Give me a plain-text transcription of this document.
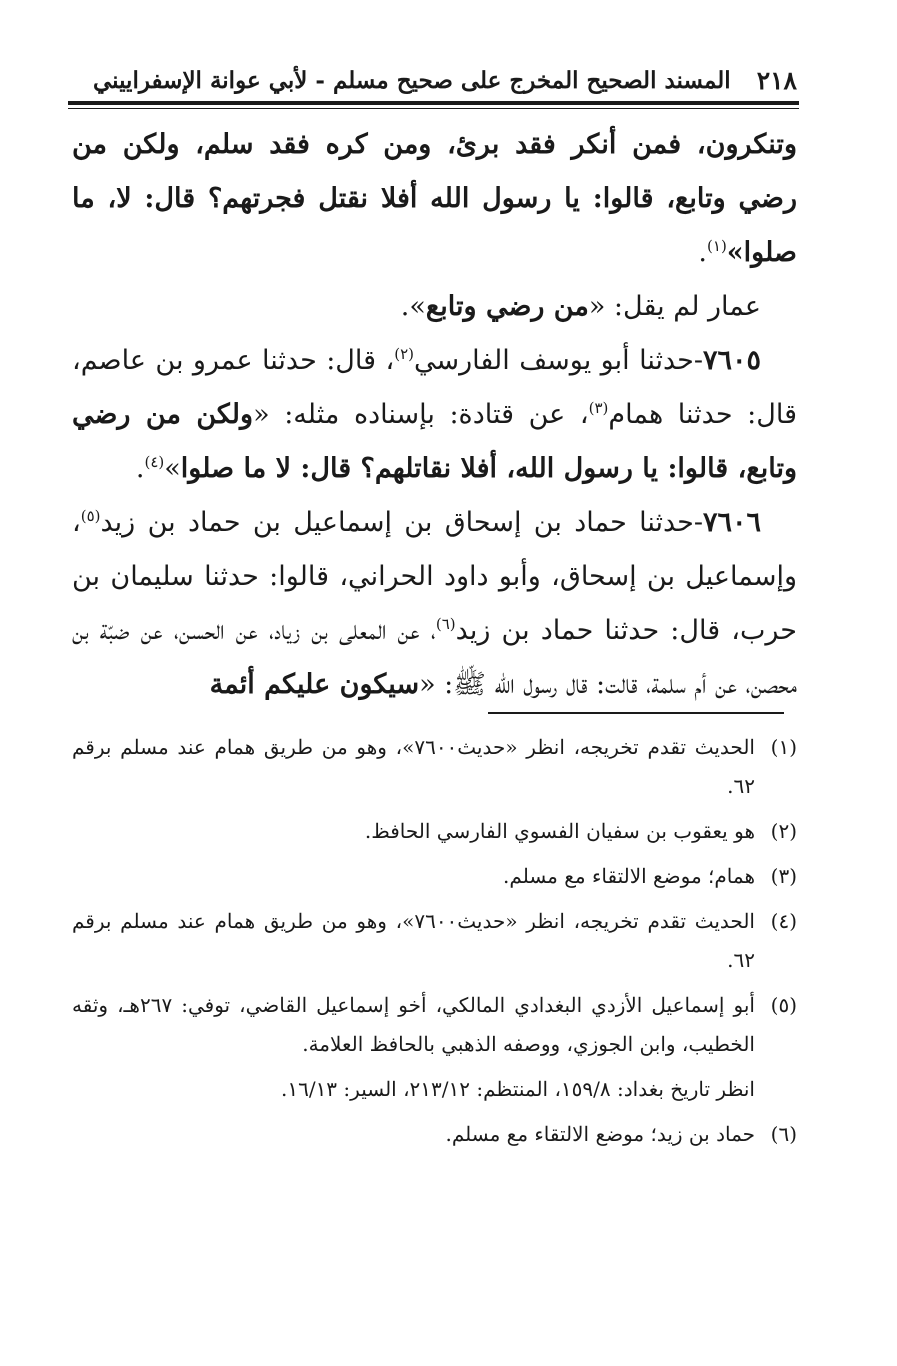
٢١٨
المسند الصحيح المخرج على صحيح مسلم - لأبي عوانة الإسفراييني

وتنكرون، فمن أنكر فقد برئ، ومن كره فقد سلم، ولكن من رضي وتابع، قالوا: يا رسول الله أفلا نقتل فجرتهم؟ قال: لا، ما صلوا»$^{(١)}$.

عمار لم يقل: «من رضي وتابع».

٧٦٠٥-حدثنا أبو يوسف الفارسي$^{(٢)}$، قال: حدثنا عمرو بن عاصم، قال: حدثنا همام$^{(٣)}$، عن قتادة: بإسناده مثله: «ولكن من رضي وتابع، قالوا: يا رسول الله، أفلا نقاتلهم؟ قال: لا ما صلوا»$^{(٤)}$.

٧٦٠٦-حدثنا حماد بن إسحاق بن إسماعيل بن حماد بن زيد$^{(٥)}$، وإسماعيل بن إسحاق، وأبو داود الحراني، قالوا: حدثنا سليمان بن حرب، قال: حدثنا حماد بن زيد$^{(٦)}$، عن المعلى بن زياد، عن الحسن، عن ضبّة بن محصن، عن أم سلمة، قالت: قال رسول الله ﷺ: «سيكون عليكم أئمة

(١)
الحديث تقدم تخريجه، انظر «حديث٧٦٠٠»، وهو من طريق همام عند مسلم برقم ٦٢.
(٢)
هو يعقوب بن سفيان الفسوي الفارسي الحافظ.
(٣)
همام؛ موضع الالتقاء مع مسلم.
(٤)
الحديث تقدم تخريجه، انظر «حديث٧٦٠٠»، وهو من طريق همام عند مسلم برقم ٦٢.
(٥)
أبو إسماعيل الأزدي البغدادي المالكي، أخو إسماعيل القاضي، توفي: ٢٦٧هـ، وثقه الخطيب، وابن الجوزي، ووصفه الذهبي بالحافظ العلامة.
انظر تاريخ بغداد: ١٥٩/٨، المنتظم: ٢١٣/١٢، السير: ١٦/١٣.
(٦)
حماد بن زيد؛ موضع الالتقاء مع مسلم.
